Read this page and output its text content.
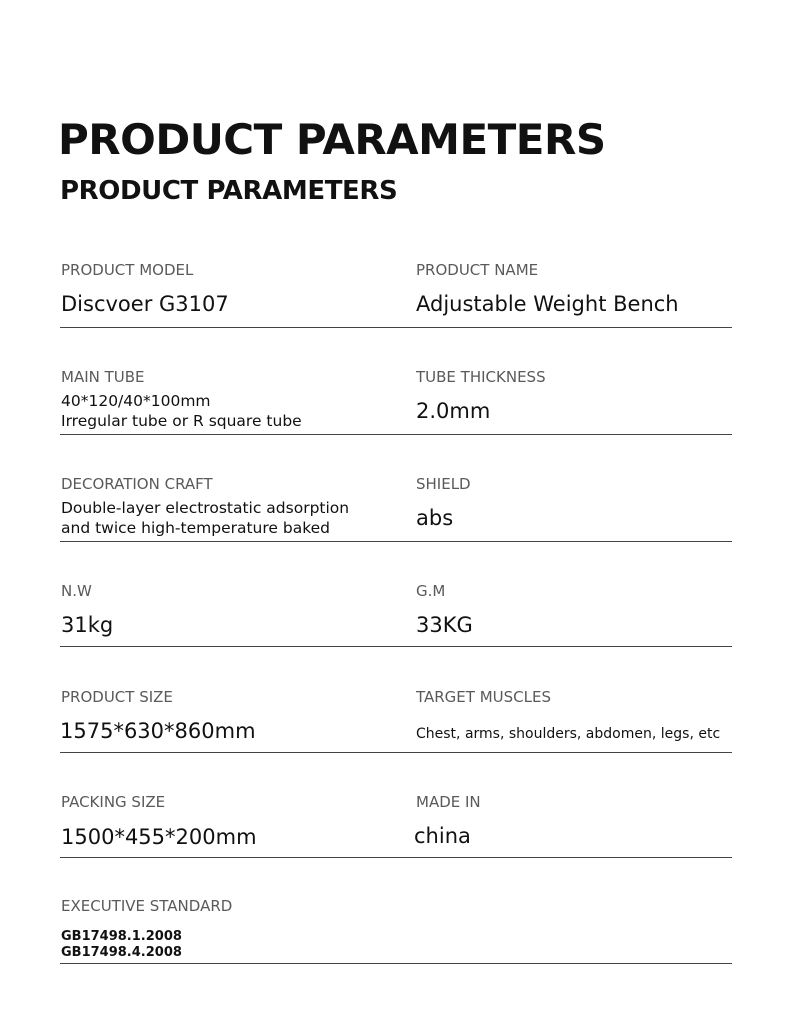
PRODUCT PARAMETERS
PRODUCT PARAMETERS
PRODUCT MODEL
Discvoer G3107
PRODUCT NAME
Adjustable Weight Bench
MAIN TUBE
40*120/40*100mm
Irregular tube or R square tube
TUBE THICKNESS
2.0mm
DECORATION CRAFT
Double-layer electrostatic adsorption
and twice high-temperature baked
SHIELD
abs
N.W
31kg
G.M
33KG
PRODUCT SIZE
1575*630*860mm
TARGET MUSCLES
Chest, arms, shoulders, abdomen, legs, etc
PACKING SIZE
1500*455*200mm
MADE IN
china
EXECUTIVE STANDARD
GB17498.1.2008
GB17498.4.2008
